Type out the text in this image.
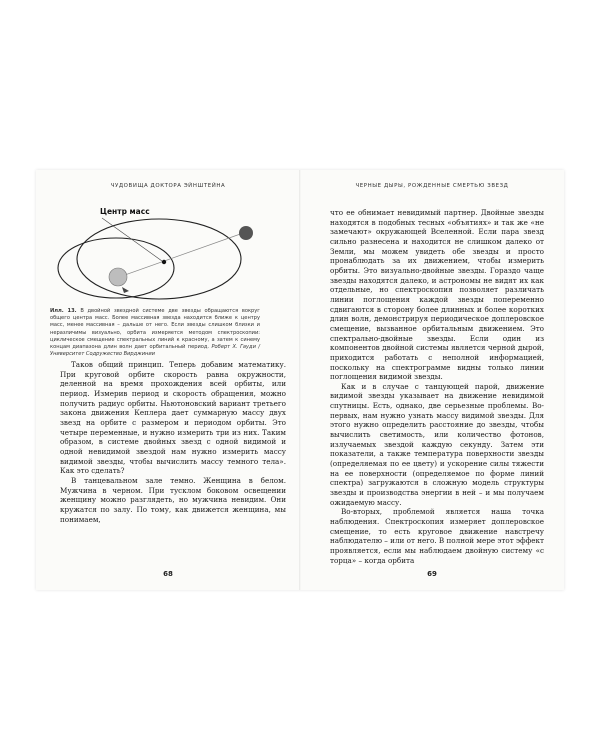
ЧУДОВИЩА ДОКТОРА ЭЙНШТЕЙНА
Центр масс
Илл. 13. В двойной звездной системе две звезды обращаются вокруг общего центра масс. Более массивная звезда находится ближе к центру масс, менее массивная – дальше от него. Если звезды слишком близки и неразличимы визуально, орбита измеряется методом спектроскопии: циклическое смещение спектральных линий к красному, а затем к синему концам диапазона длин волн дает орбитальный период. Роберт Х. Гауди / Университет Содружество Вирджинии

Таков общий принцип. Теперь добавим математику. При круговой орбите скорость равна окружности, деленной на время прохождения всей орбиты, или период. Измерив период и скорость обращения, можно получить радиус орбиты. Ньютоновский вариант третьего закона движения Кеплера дает суммарную массу двух звезд на орбите с размером и периодом орбиты. Это четыре переменные, и нужно измерить три из них. Таким образом, в системе двойных звезд с одной видимой и одной невидимой звездой нам нужно измерить массу видимой звезды, чтобы вычислить массу темного тела». Как это сделать?

В танцевальном зале темно. Женщина в белом. Мужчина в черном. При тусклом боковом освещении женщину можно разглядеть, но мужчина невидим. Они кружатся по залу. По тому, как движется женщина, мы понимаем,

68
ЧЕРНЫЕ ДЫРЫ, РОЖДЕННЫЕ СМЕРТЬЮ ЗВЕЗД

что ее обнимает невидимый партнер. Двойные звезды находятся в подобных тесных «объятиях» и так же «не замечают» окружающей Вселенной. Если пара звезд сильно разнесена и находится не слишком далеко от Земли, мы можем увидеть обе звезды и просто пронаблюдать за их движением, чтобы измерить орбиты. Это визуально-двойные звезды. Гораздо чаще звезды находятся далеко, и астрономы не видят их как отдельные, но спектроскопия позволяет различать линии поглощения каждой звезды попеременно сдвигаются в сторону более длинных и более коротких длин волн, демонстрируя периодическое доплеровское смещение, вызванное орбитальным движением. Это спектрально-двойные звезды. Если один из компонентов двойной системы является черной дырой, приходится работать с неполной информацией, поскольку на спектрограмме видны только линии поглощения видимой звезды.

Как и в случае с танцующей парой, движение видимой звезды указывает на движение невидимой спутницы. Есть, однако, две серьезные проблемы. Во-первых, нам нужно узнать массу видимой звезды. Для этого нужно определить расстояние до звезды, чтобы вычислить светимость, или количество фотонов, излучаемых звездой каждую секунду. Затем эти показатели, а также температура поверхности звезды (определяемая по ее цвету) и ускорение силы тяжести на ее поверхности (определяемое по форме линий спектра) загружаются в сложную модель структуры звезды и производства энергии в ней – и мы получаем ожидаемую массу.

Во-вторых, проблемой является наша точка наблюдения. Спектроскопия измеряет доплеровское смещение, то есть круговое движение навстречу наблюдателю – или от него. В полной мере этот эффект проявляется, если мы наблюдаем двойную систему «с торца» – когда орбита

69
